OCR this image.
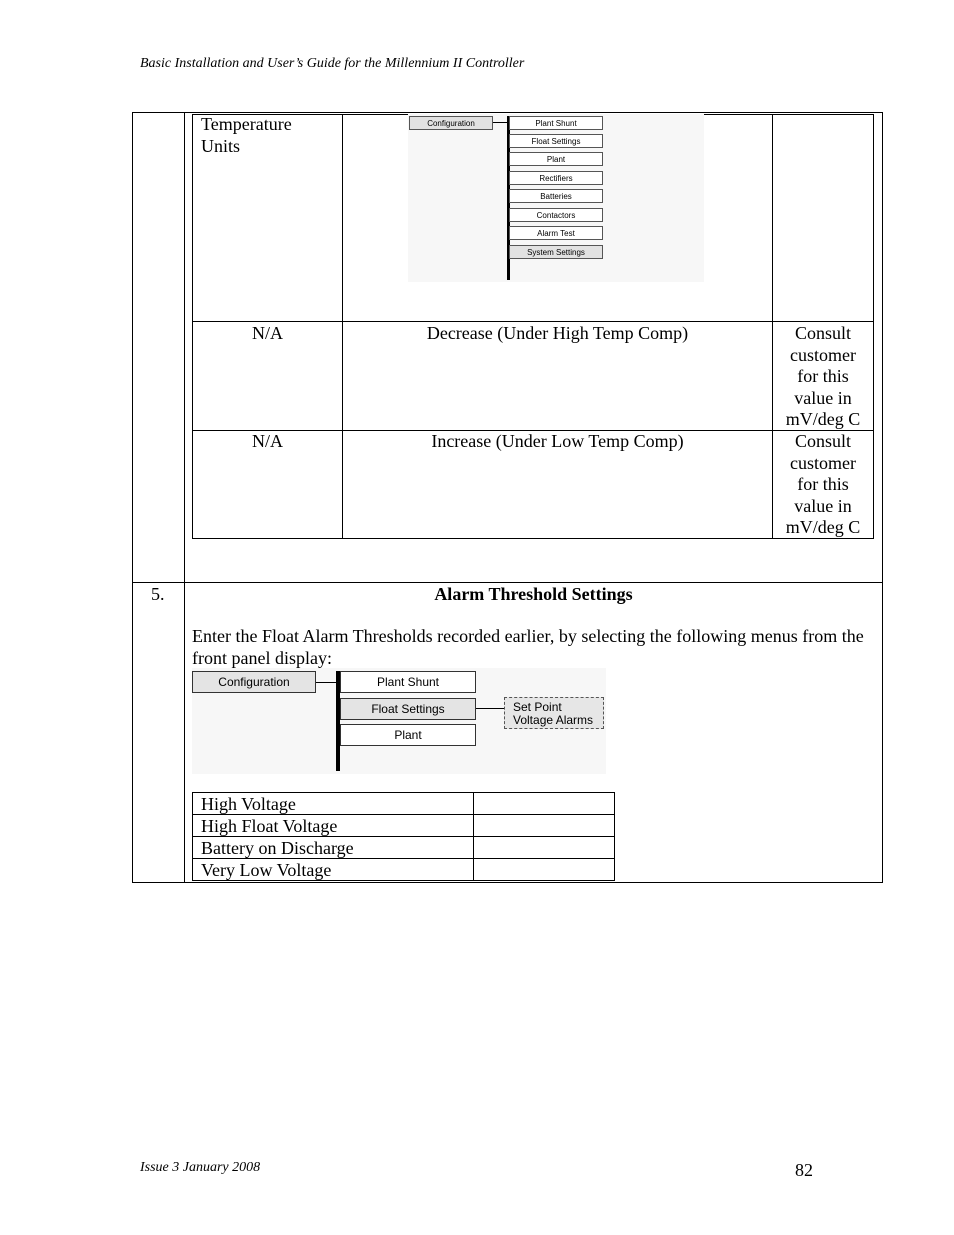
Basic Installation and User’s Guide for the Millennium II Controller
Temperature Units
Configuration	Plant Shunt
Float Settings
Plant
Rectifiers
Batteries
Contactors
Alarm Test
System Settings
N/A	Decrease (Under High Temp Comp)	Consult customer for this value in mV/deg C
N/A	Increase (Under Low Temp Comp)	Consult customer for this value in mV/deg C
5.	Alarm Threshold Settings
Enter the Float Alarm Thresholds recorded earlier, by selecting the following menus from the front panel display:
Configuration	Plant Shunt
Float Settings
Plant
Set Point
Voltage Alarms
High Voltage	
High Float Voltage	
Battery on Discharge	
Very Low Voltage	
Issue 3 January 2008	82
